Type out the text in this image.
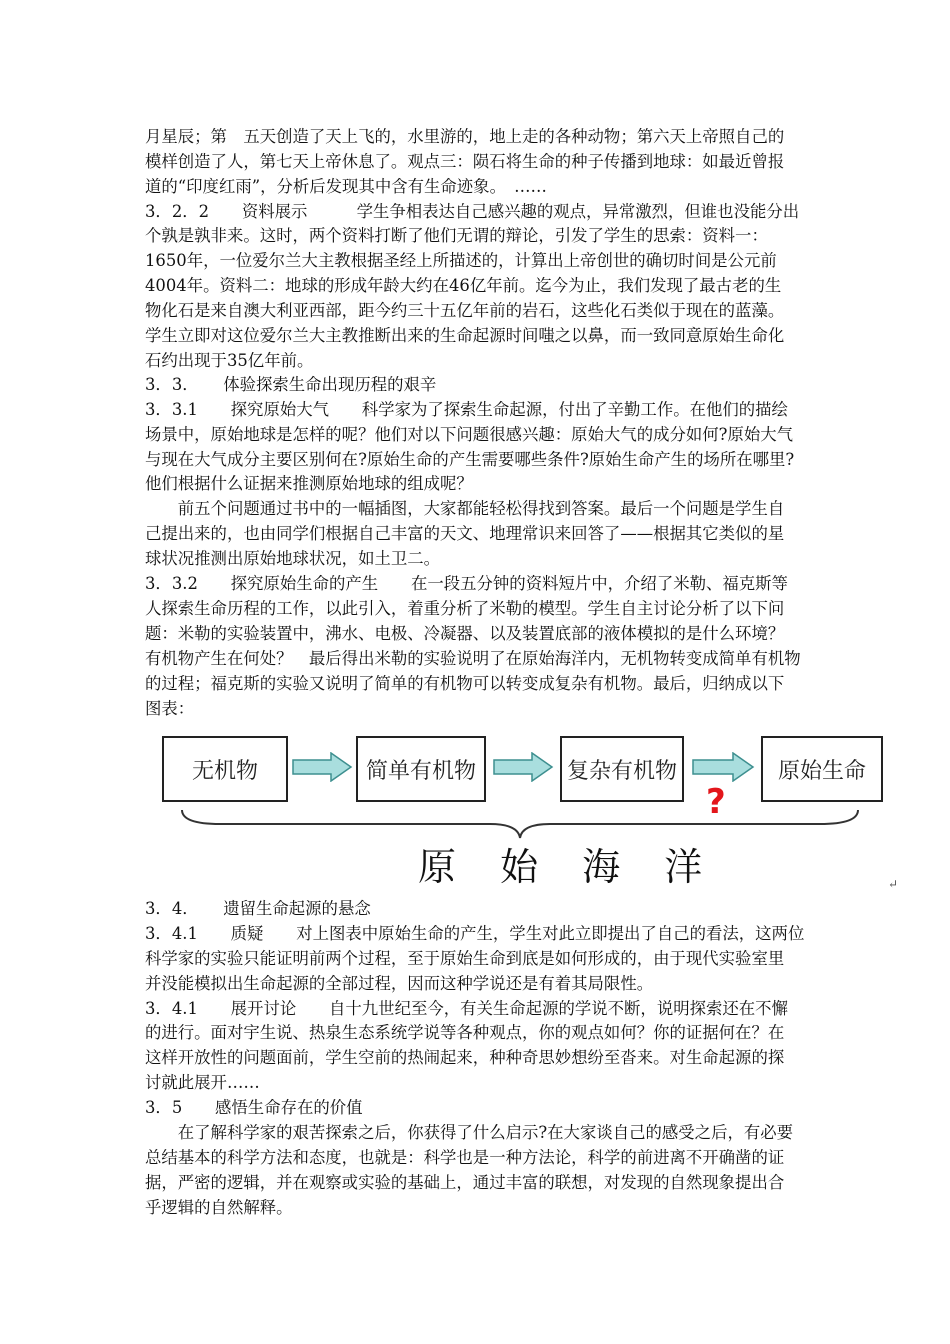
月星辰；第　五天创造了天上飞的，水里游的，地上走的各种动物；第六天上帝照自己的
模样创造了人，第七天上帝休息了。观点三：陨石将生命的种子传播到地球：如最近曾报
道的“印度红雨”，分析后发现其中含有生命迹象。　……
3．2．2　　资料展示　　　学生争相表达自己感兴趣的观点，异常激烈，但谁也没能分出
个孰是孰非来。这时，两个资料打断了他们无谓的辩论，引发了学生的思索：资料一：
1650年，一位爱尔兰大主教根据圣经上所描述的，计算出上帝创世的确切时间是公元前
4004年。资料二：地球的形成年龄大约在46亿年前。迄今为止，我们发现了最古老的生
物化石是来自澳大利亚西部，距今约三十五亿年前的岩石，这些化石类似于现在的蓝藻。
学生立即对这位爱尔兰大主教推断出来的生命起源时间嗤之以鼻，而一致同意原始生命化
石约出现于35亿年前。
3．3．　　体验探索生命出现历程的艰辛
3．3.1　　探究原始大气　　科学家为了探索生命起源，付出了辛勤工作。在他们的描绘
场景中，原始地球是怎样的呢？他们对以下问题很感兴趣：原始大气的成分如何?原始大气
与现在大气成分主要区别何在?原始生命的产生需要哪些条件?原始生命产生的场所在哪里?
他们根据什么证据来推测原始地球的组成呢？
　　前五个问题通过书中的一幅插图，大家都能轻松得找到答案。最后一个问题是学生自
己提出来的，也由同学们根据自己丰富的天文、地理常识来回答了——根据其它类似的星
球状况推测出原始地球状况，如土卫二。
3．3.2　　探究原始生命的产生　　在一段五分钟的资料短片中，介绍了米勒、福克斯等
人探索生命历程的工作，以此引入，着重分析了米勒的模型。学生自主讨论分析了以下问
题：米勒的实验装置中，沸水、电极、冷凝器、以及装置底部的液体模拟的是什么环境？
有机物产生在何处？　最后得出米勒的实验说明了在原始海洋内，无机物转变成简单有机物
的过程；福克斯的实验又说明了简单的有机物可以转变成复杂有机物。最后，归纳成以下
图表：
无机物	简单有机物	复杂有机物	原始生命
?
原 始 海 洋	↵
3．4．　　遗留生命起源的悬念
3．4.1　　质疑　　对上图表中原始生命的产生，学生对此立即提出了自己的看法，这两位
科学家的实验只能证明前两个过程，至于原始生命到底是如何形成的，由于现代实验室里
并没能模拟出生命起源的全部过程，因而这种学说还是有着其局限性。
3．4.1　　展开讨论　　自十九世纪至今，有关生命起源的学说不断，说明探索还在不懈
的进行。面对宇生说、热泉生态系统学说等各种观点，你的观点如何？你的证据何在？在
这样开放性的问题面前，学生空前的热闹起来，种种奇思妙想纷至沓来。对生命起源的探
讨就此展开……
3．5　　感悟生命存在的价值
　　在了解科学家的艰苦探索之后，你获得了什么启示?在大家谈自己的感受之后，有必要
总结基本的科学方法和态度，也就是：科学也是一种方法论，科学的前进离不开确凿的证
据，严密的逻辑，并在观察或实验的基础上，通过丰富的联想，对发现的自然现象提出合
乎逻辑的自然解释。
